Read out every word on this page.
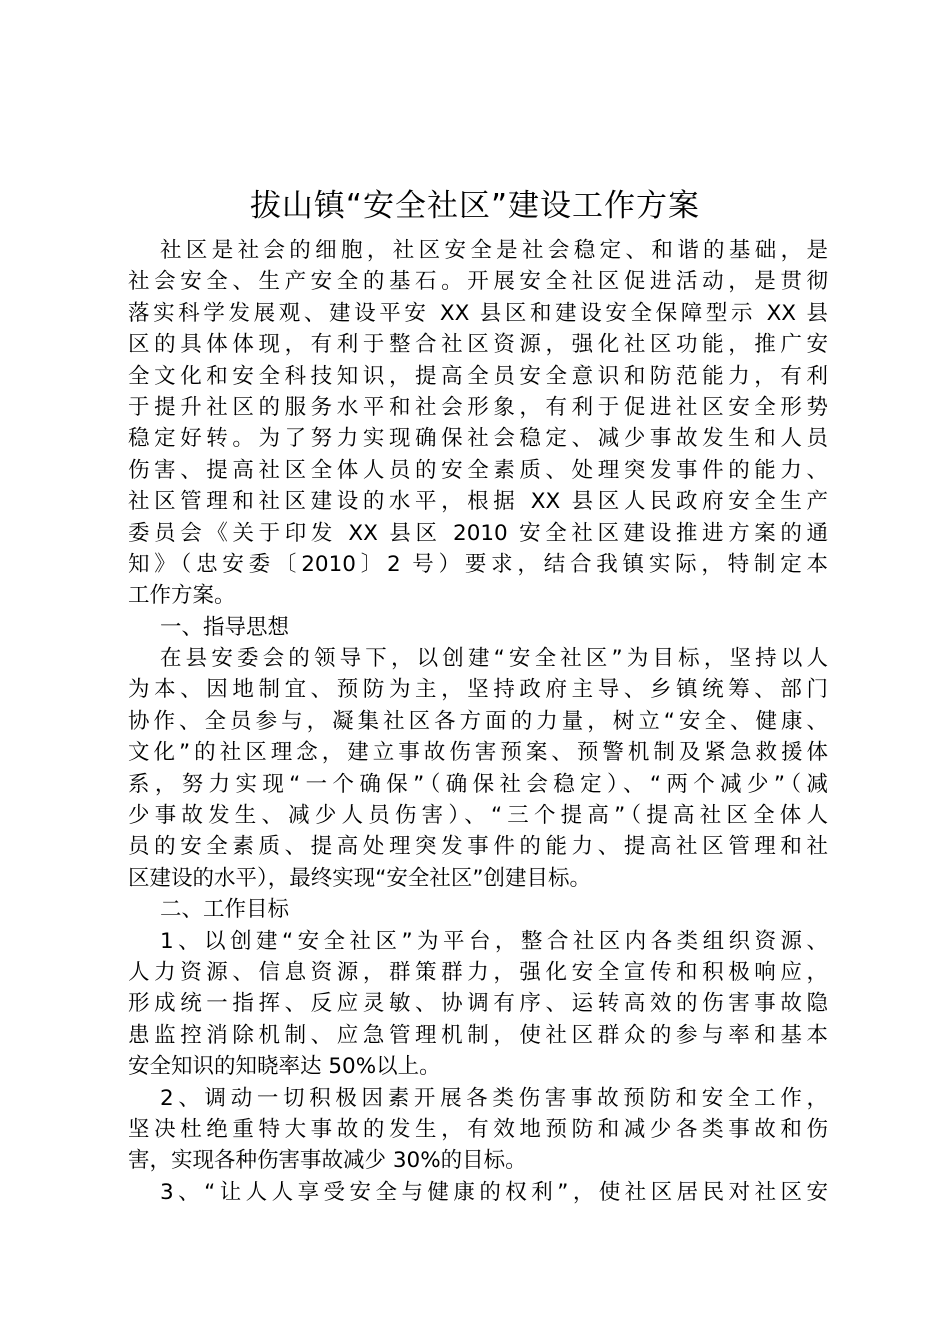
拔山镇“安全社区”建设工作方案
社区是社会的细胞，社区安全是社会稳定、和谐的基础，是
社会安全、生产安全的基石。开展安全社区促进活动，是贯彻
落实科学发展观、建设平安 XX 县区和建设安全保障型示 XX 县
区的具体体现，有利于整合社区资源，强化社区功能，推广安
全文化和安全科技知识，提高全员安全意识和防范能力，有利
于提升社区的服务水平和社会形象，有利于促进社区安全形势
稳定好转。为了努力实现确保社会稳定、减少事故发生和人员
伤害、提高社区全体人员的安全素质、处理突发事件的能力、
社区管理和社区建设的水平，根据 XX 县区人民政府安全生产
委员会《关于印发 XX 县区 2010 安全社区建设推进方案的通
知》（忠安委〔2010〕2 号）要求，结合我镇实际，特制定本
工作方案。
一、指导思想
在县安委会的领导下，以创建“安全社区”为目标，坚持以人
为本、因地制宜、预防为主，坚持政府主导、乡镇统筹、部门
协作、全员参与，凝集社区各方面的力量，树立“安全、健康、
文化”的社区理念，建立事故伤害预案、预警机制及紧急救援体
系，努力实现“一个确保”（确保社会稳定）、“两个减少”（减
少事故发生、减少人员伤害）、“三个提高”（提高社区全体人
员的安全素质、提高处理突发事件的能力、提高社区管理和社
区建设的水平），最终实现“安全社区”创建目标。
二、工作目标
1、以创建“安全社区”为平台，整合社区内各类组织资源、
人力资源、信息资源，群策群力，强化安全宣传和积极响应，
形成统一指挥、反应灵敏、协调有序、运转高效的伤害事故隐
患监控消除机制、应急管理机制，使社区群众的参与率和基本
安全知识的知晓率达 50%以上。
2、调动一切积极因素开展各类伤害事故预防和安全工作，
坚决杜绝重特大事故的发生，有效地预防和减少各类事故和伤
害，实现各种伤害事故减少 30%的目标。
3、“让人人享受安全与健康的权利”，使社区居民对社区安
